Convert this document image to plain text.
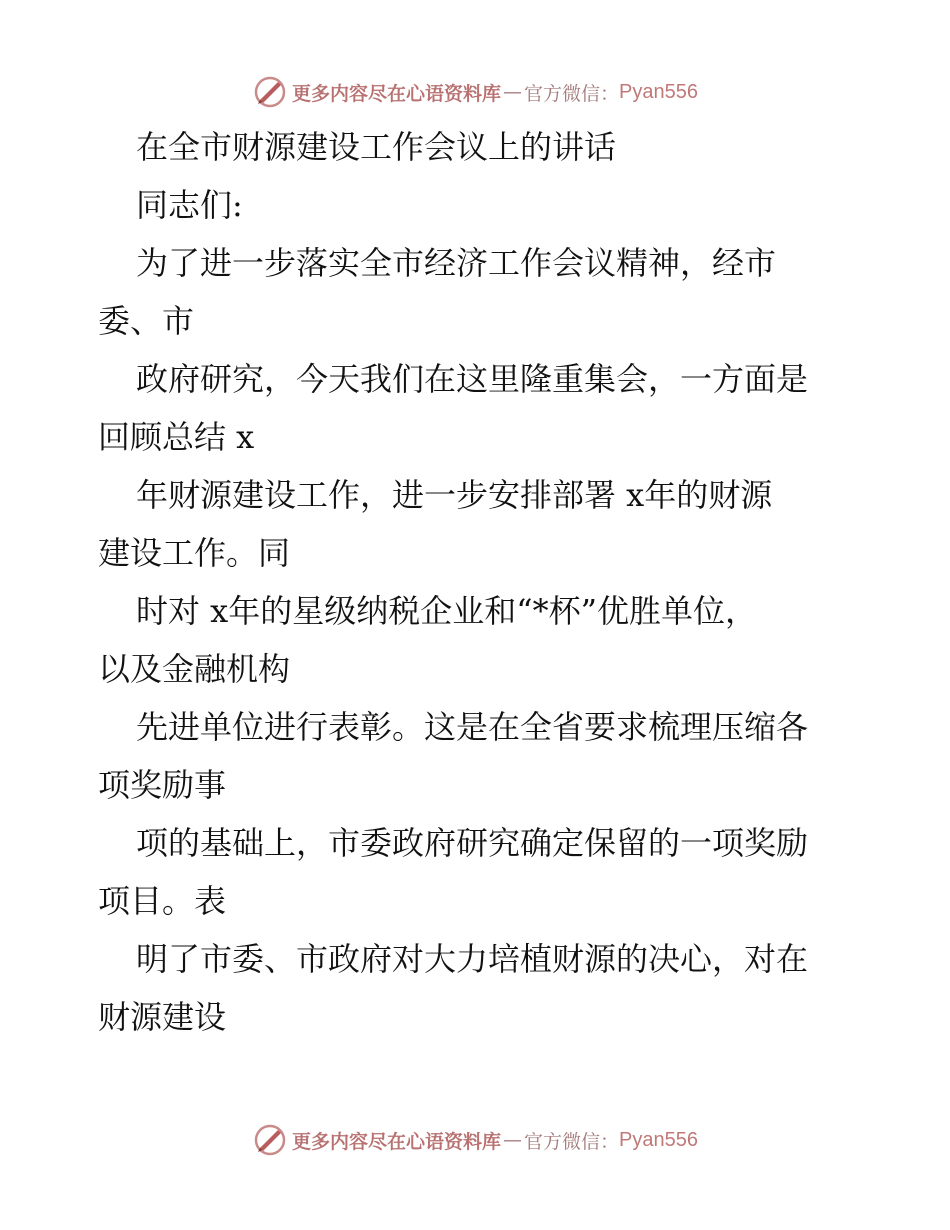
更多内容尽在心语资料库 — 官方微信： Pyan556
在全市财源建设工作会议上的讲话
同志们:
为了进一步落实全市经济工作会议精神，经市
委、市
政府研究，今天我们在这里隆重集会，一方面是
回顾总结 x
年财源建设工作，进一步安排部署 x年的财源
建设工作。同
时对 x年的星级纳税企业和“*杯”优胜单位，
以及金融机构
先进单位进行表彰。这是在全省要求梳理压缩各
项奖励事
项的基础上，市委政府研究确定保留的一项奖励
项目。表
明了市委、市政府对大力培植财源的决心，对在
财源建设
更多内容尽在心语资料库 — 官方微信： Pyan556
